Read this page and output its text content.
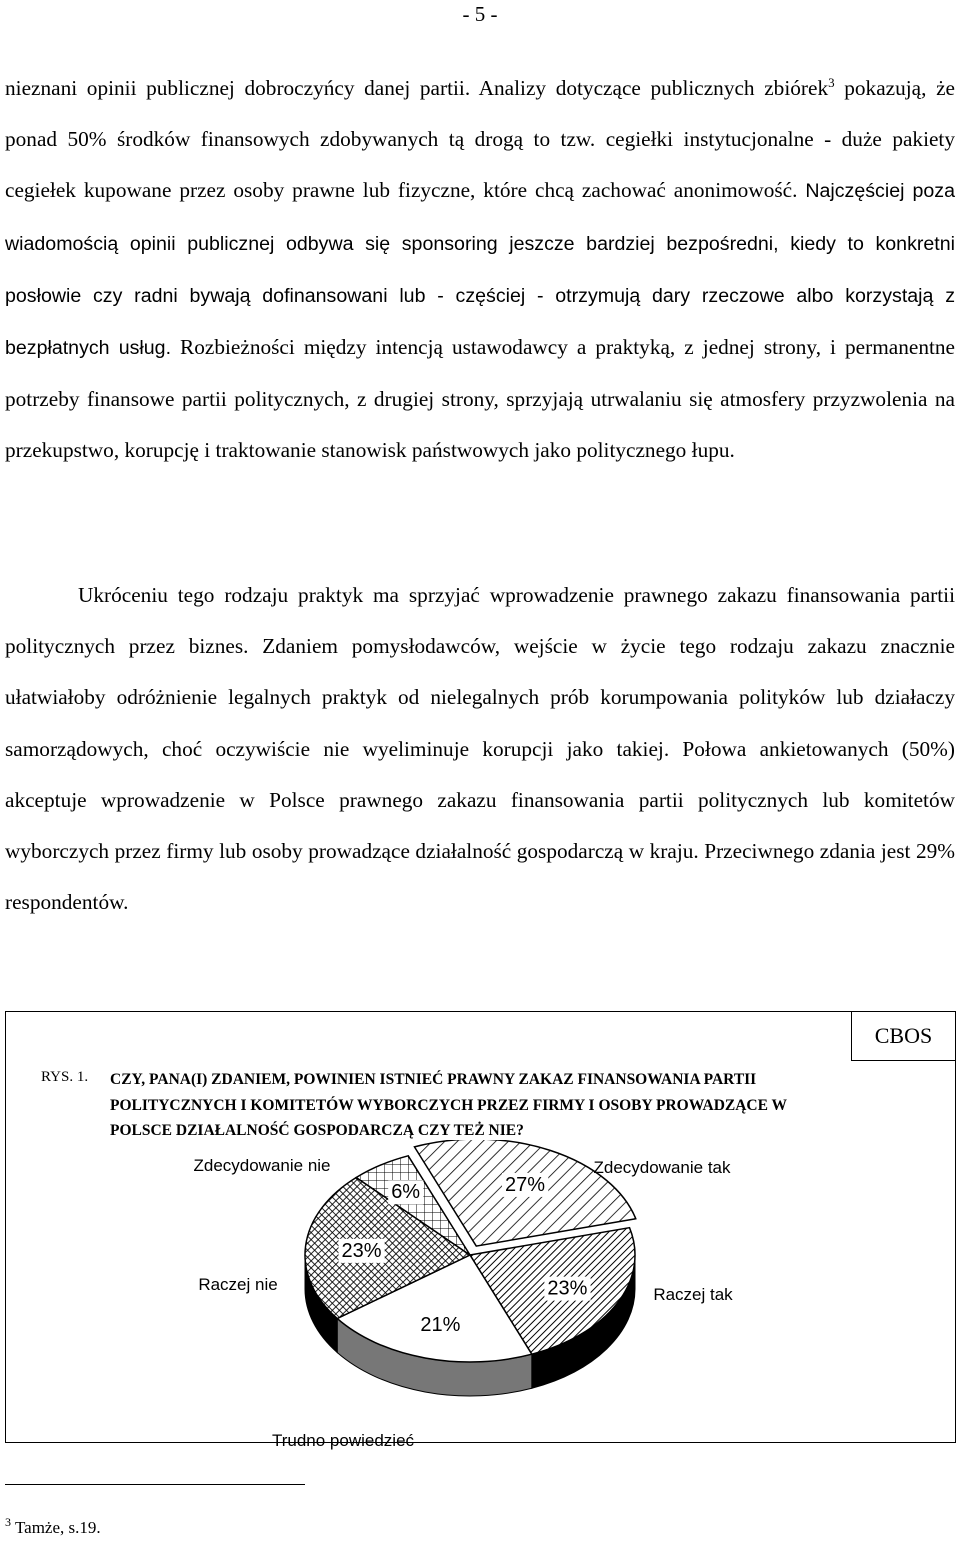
- 5 -

nieznani opinii publicznej dobroczyńcy danej partii. Analizy dotyczące publicznych zbiórek$^3$ pokazują, że ponad 50% środków finansowych zdobywanych tą drogą to tzw. cegiełki instytucjonalne - duże pakiety cegiełek kupowane przez osoby prawne lub fizyczne, które chcą zachować anonimowość. Najczęściej poza wiadomością opinii publicznej odbywa się sponsoring jeszcze bardziej bezpośredni, kiedy to konkretni posłowie czy radni bywają dofinansowani lub - częściej - otrzymują dary rzeczowe albo korzystają z bezpłatnych usług. Rozbieżności między intencją ustawodawcy a praktyką, z jednej strony, i permanentne potrzeby finansowe partii politycznych, z drugiej strony, sprzyjają utrwalaniu się atmosfery przyzwolenia na przekupstwo, korupcję i traktowanie stanowisk państwowych jako politycznego łupu.

Ukróceniu tego rodzaju praktyk ma sprzyjać wprowadzenie prawnego zakazu finansowania partii politycznych przez biznes. Zdaniem pomysłodawców, wejście w życie tego rodzaju zakazu znacznie ułatwiałoby odróżnienie legalnych praktyk od nielegalnych prób korumpowania polityków lub działaczy samorządowych, choć oczywiście nie wyeliminuje korupcji jako takiej. Połowa ankietowanych (50%) akceptuje wprowadzenie w Polsce prawnego zakazu finansowania partii politycznych lub komitetów wyborczych przez firmy lub osoby prowadzące działalność gospodarczą w kraju. Przeciwnego zdania jest 29% respondentów.

CBOS
RYS. 1. CZY, PANA(I) ZDANIEM, POWINIEN ISTNIEĆ PRAWNY ZAKAZ FINANSOWANIA PARTII POLITYCZNYCH I KOMITETÓW WYBORCZYCH PRZEZ FIRMY I OSOBY PROWADZĄCE W POLSCE DZIAŁALNOŚĆ GOSPODARCZĄ CZY TEŻ NIE?
27%
23%
21%
23%
6%
Zdecydowanie tak
Raczej tak
Trudno powiedzieć
Raczej nie
Zdecydowanie nie
$^3$ Tamże, s.19.
